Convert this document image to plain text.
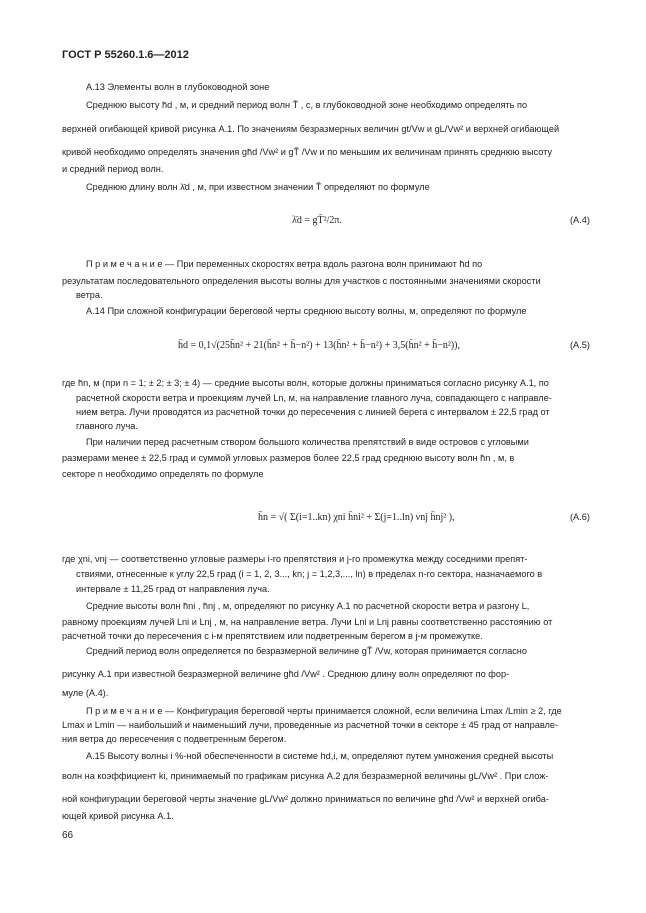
ГОСТ Р 55260.1.6—2012
А.13 Элементы волн в глубоководной зоне
Среднюю высоту h̄d , м, и средний период волн T̄ , с, в глубоководной зоне необходимо определять по
верхней огибающей кривой рисунка А.1. По значениям безразмерных величин gt/Vw и gL/Vw² и верхней огибающей
кривой необходимо определять значения gh̄d /Vw² и gT̄ /Vw и по меньшим их величинам принять среднюю высоту
и средний период волн.
Среднюю длину волн λ̄d , м, при известном значении T̄ определяют по формуле
П р и м е ч а н и е — При переменных скоростях ветра вдоль разгона волн принимают h̄d по
результатам последовательного определения высоты волны для участков с постоянными значениями скорости
ветра.
А.14 При сложной конфигурации береговой черты среднюю высоту волны, м, определяют по формуле
где h̄n, м (при n = 1; ± 2; ± 3; ± 4) — средние высоты волн, которые должны приниматься согласно рисунку А.1, по
расчетной скорости ветра и проекциям лучей Ln, м, на направление главного луча, совпадающего с направле-
нием ветра. Лучи проводятся из расчетной точки до пересечения с линией берега с интервалом ± 22,5 град от
главного луча.
При наличии перед расчетным створом большого количества препятствий в виде островов с угловыми
размерами менее ± 22,5 град и суммой угловых размеров более 22,5 град среднюю высоту волн h̄n , м, в
секторе n необходимо определять по формуле
где χni, νnj — соответственно угловые размеры i-го препятствия и j-го промежутка между соседними препят-
ствиями, отнесенные к углу 22,5 град (i = 1, 2, 3..., kn; j = 1,2,3,..., ln) в пределах n-го сектора, назначаемого в
интервале ± 11,25 град от направления луча.
Средние высоты волн h̄ni , h̄nj , м, определяют по рисунку А.1 по расчетной скорости ветра и разгону L,
равному проекциям лучей Lni и Lnj , м, на направление ветра. Лучи Lni и Lnj равны соответственно расстоянию от
расчетной точки до пересечения с i-м препятствием или подветренным берегом в j-м промежутке.
Средний период волн определяется по безразмерной величине gT̄ /Vw, которая принимается согласно
рисунку А.1 при известной безразмерной величине gh̄d /Vw² . Среднюю длину волн определяют по фор-
муле (А.4).
П р и м е ч а н и е — Конфигурация береговой черты принимается сложной, если величина Lmax /Lmin ≥ 2, где
Lmax и Lmin — наибольший и наименьший лучи, проведенные из расчетной точки в секторе ± 45 град от направле-
ния ветра до пересечения с подветренным берегом.
А.15 Высоту волны i %-ной обеспеченности в системе hd,i, м, определяют путем умножения средней высоты
волн на коэффициент ki, принимаемый по графикам рисунка А.2 для безразмерной величины gL/Vw² . При слож-
ной конфигурации береговой черты значение gL/Vw² должно приниматься по величине gh̄d /Vw² и верхней огиба-
ющей кривой рисунка А.1.
λ̄d = gT̄²/2π.	(А.4)
h̄d = 0,1√(25h̄n² + 21(h̄n² + h̄−n²) + 13(h̄n² + h̄−n²) + 3,5(h̄n² + h̄−n²)),	(А.5)
h̄n = √( Σ(i=1..kn) χni h̄ni² + Σ(j=1..ln) νnj h̄nj² ),	(А.6)
66
